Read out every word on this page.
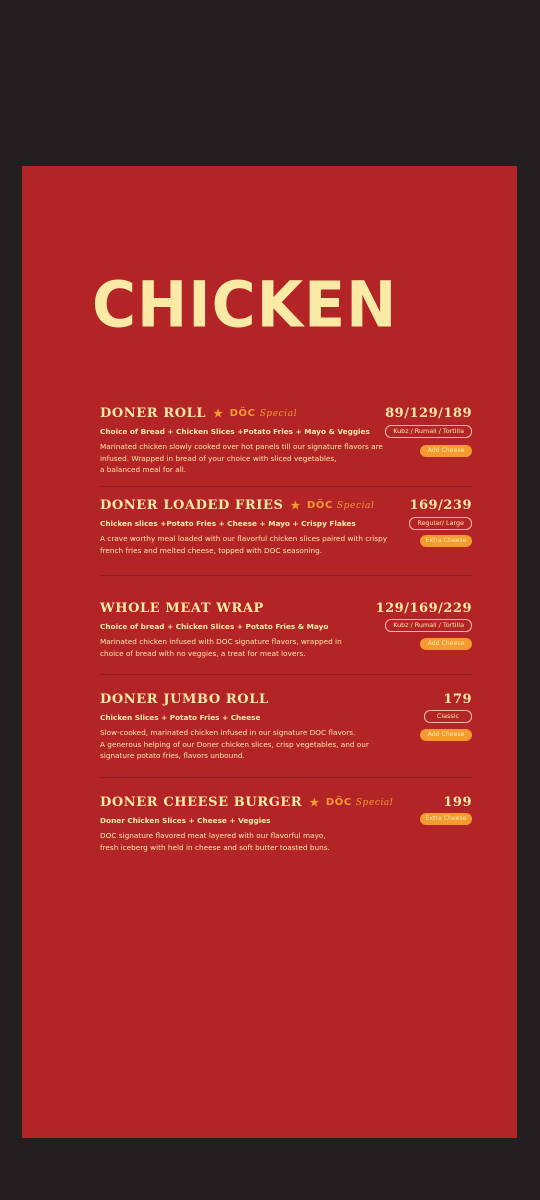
CHICKEN
DONER ROLL ★ DÖC Special	89/129/189
Choice of Bread + Chicken Slices +Potato Fries + Mayo & Veggies	Kubz / Rumali / Tortilla
Marinated chicken slowly cooked over hot panels till our signature flavors are
infused. Wrapped in bread of your choice with sliced vegetables,
a balanced meal for all.
Add Cheese
DONER LOADED FRIES ★ DÖC Special	169/239
Chicken slices +Potato Fries + Cheese + Mayo + Crispy Flakes	Regular/ Large
A crave worthy meal loaded with our flavorful chicken slices paired with crispy
french fries and melted cheese, topped with DOC seasoning.
Extra Cheese
WHOLE MEAT WRAP	129/169/229
Choice of bread + Chicken Slices + Potato Fries & Mayo	Kubz / Rumali / Tortilla
Marinated chicken infused with DOC signature flavors, wrapped in
choice of bread with no veggies, a treat for meat lovers.
Add Cheese
DONER JUMBO ROLL	179
Chicken Slices + Potato Fries + Cheese	Classic
Slow-cooked, marinated chicken infused in our signature DOC flavors.
A generous helping of our Doner chicken slices, crisp vegetables, and our
signature potato fries, flavors unbound.
Add Cheese
DONER CHEESE BURGER ★ DÖC Special	199
Doner Chicken Slices + Cheese + Veggies	Extra Cheese
DOC signature flavored meat layered with our flavorful mayo,
fresh iceberg with held in cheese and soft butter toasted buns.
